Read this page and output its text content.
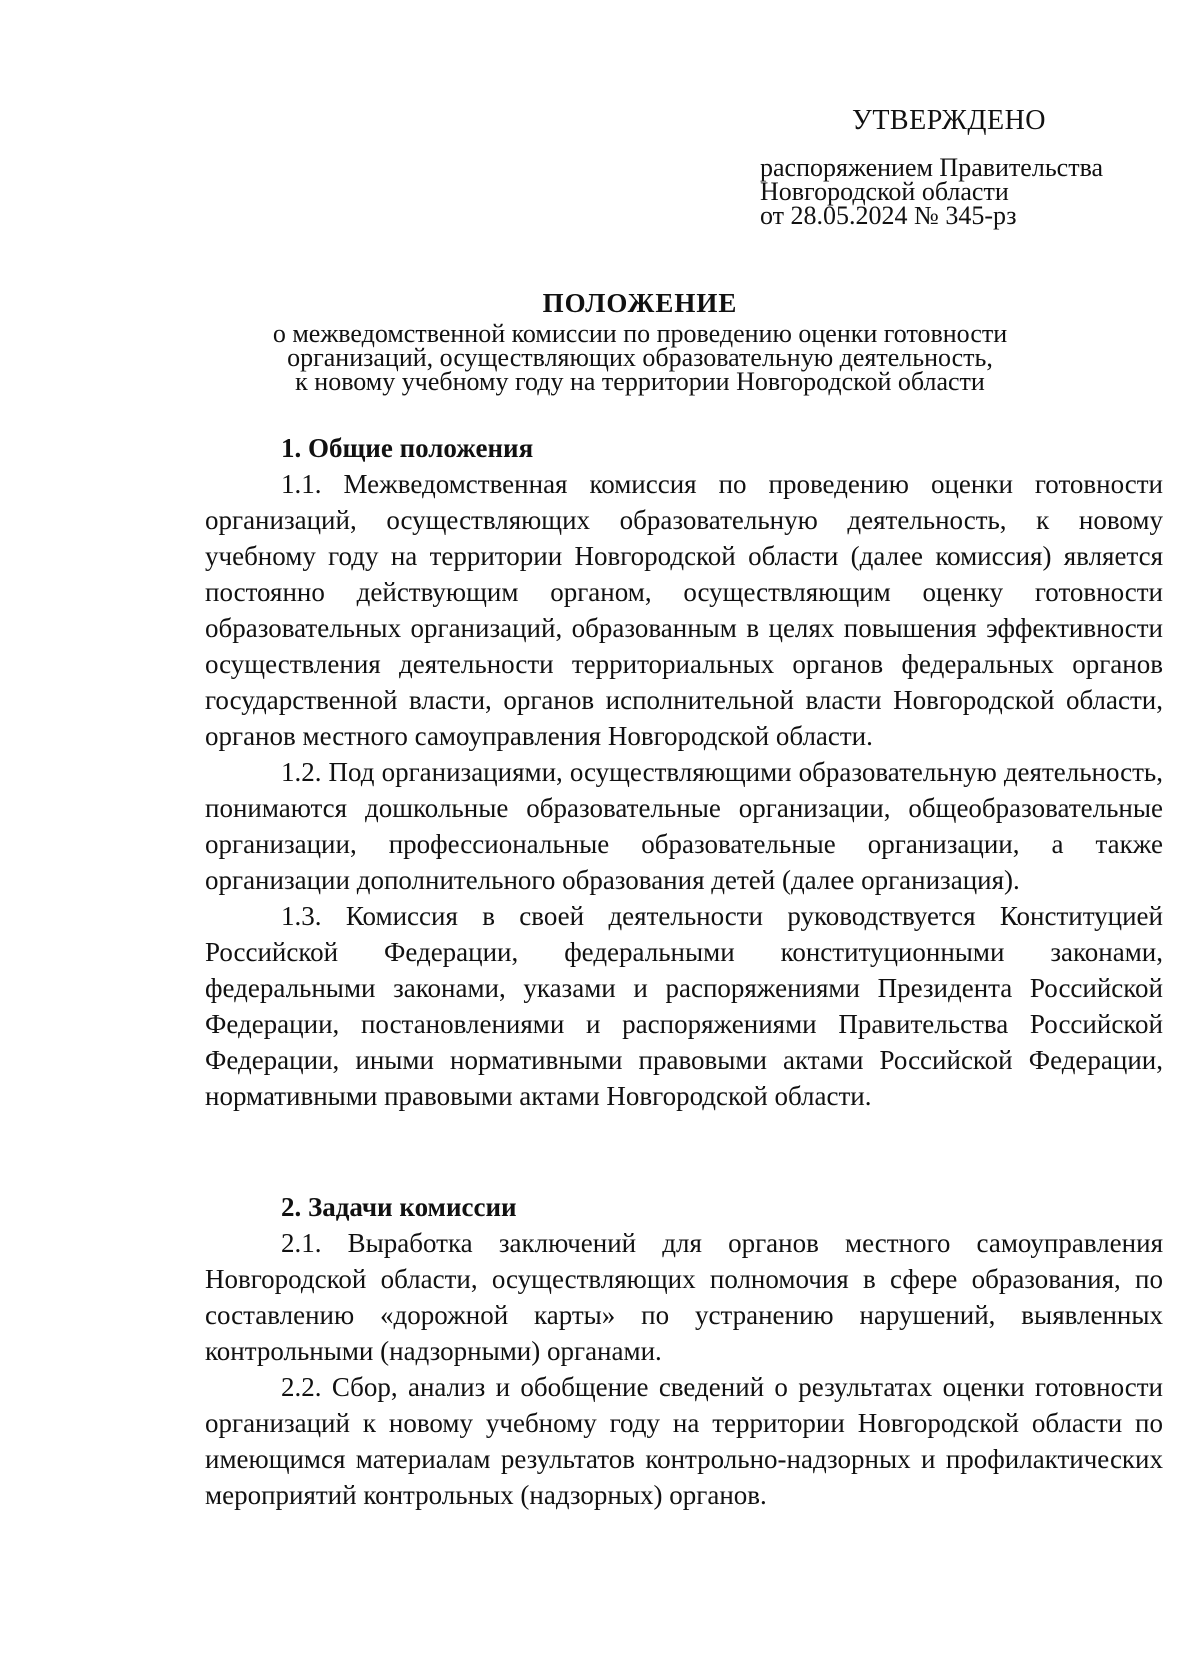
УТВЕРЖДЕНО
распоряжением Правительства
Новгородской области
от 28.05.2024 № 345-рз
ПОЛОЖЕНИЕ
о межведомственной комиссии по проведению оценки готовности
организаций, осуществляющих образовательную деятельность,
к новому учебному году на территории Новгородской области
1. Общие положения

1.1. Межведомственная комиссия по проведению оценки готовности организаций, осуществляющих образовательную деятельность, к новому учебному году на территории Новгородской области (далее комиссия) является постоянно действующим органом, осуществляющим оценку готовности образовательных организаций, образованным в целях повышения эффективности осуществления деятельности территориальных органов федеральных органов государственной власти, органов исполнительной власти Новгородской области, органов местного самоуправления Новгородской области.

1.2. Под организациями, осуществляющими образовательную деятельность, понимаются дошкольные образовательные организации, общеобразовательные организации, профессиональные образовательные организации, а также организации дополнительного образования детей (далее организация).

1.3. Комиссия в своей деятельности руководствуется Конституцией Российской Федерации, федеральными конституционными законами, федеральными законами, указами и распоряжениями Президента Российской Федерации, постановлениями и распоряжениями Правительства Российской Федерации, иными нормативными правовыми актами Российской Федерации, нормативными правовыми актами Новгородской области.

2. Задачи комиссии

2.1. Выработка заключений для органов местного самоуправления Новгородской области, осуществляющих полномочия в сфере образования, по составлению «дорожной карты» по устранению нарушений, выявленных контрольными (надзорными) органами.

2.2. Сбор, анализ и обобщение сведений о результатах оценки готовности организаций к новому учебному году на территории Новгородской области по имеющимся материалам результатов контрольно-надзорных и профилактических мероприятий контрольных (надзорных) органов.
